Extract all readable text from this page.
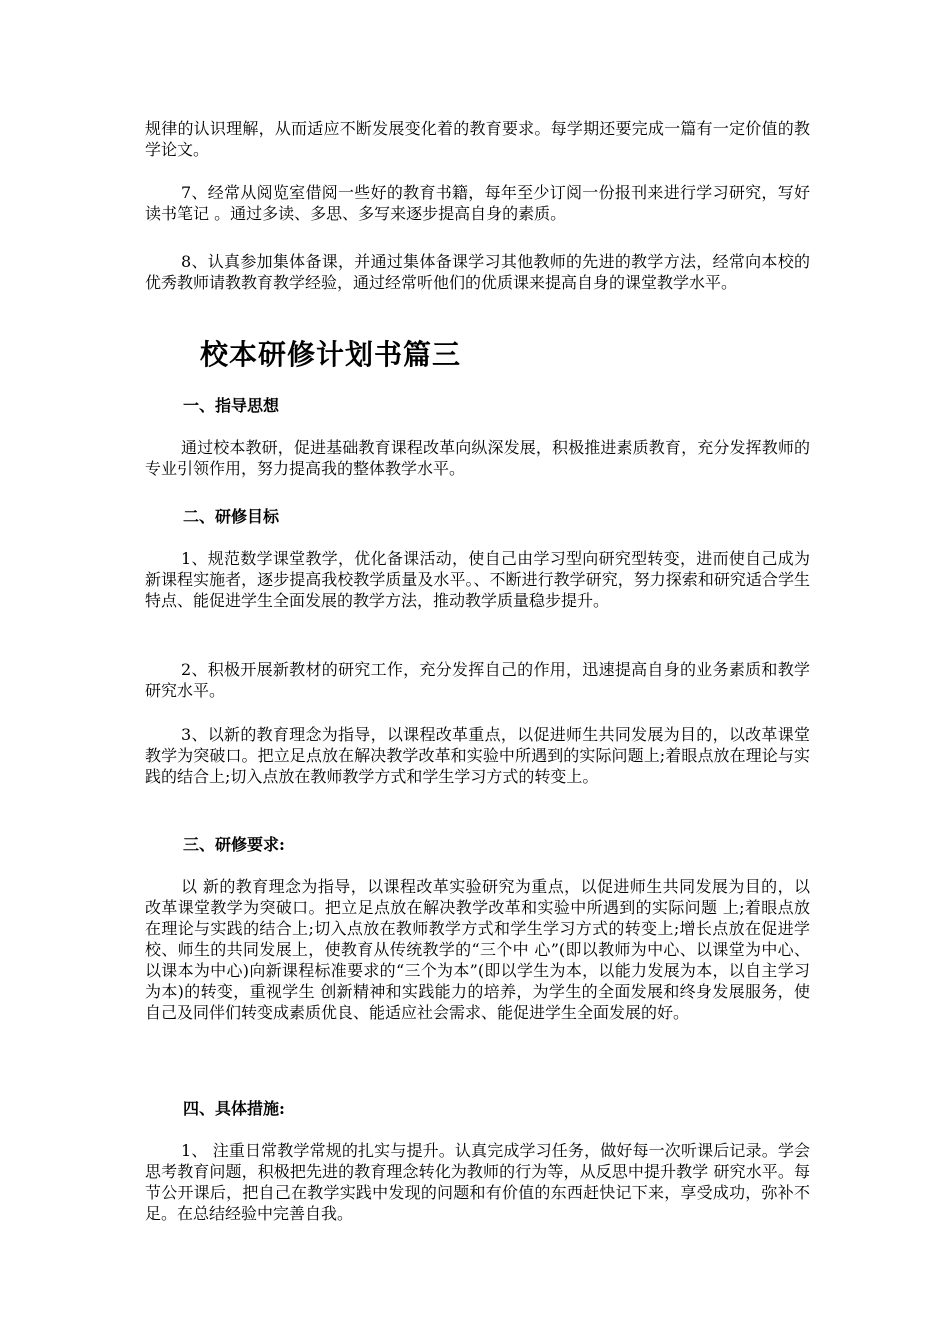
规律的认识理解，从而适应不断发展变化着的教育要求。每学期还要完成一篇有一定价值的教学论文。

7、经常从阅览室借阅一些好的教育书籍，每年至少订阅一份报刊来进行学习研究，写好 读书笔记 。通过多读、多思、多写来逐步提高自身的素质。

8、认真参加集体备课，并通过集体备课学习其他教师的先进的教学方法，经常向本校的优秀教师请教教育教学经验，通过经常听他们的优质课来提高自身的课堂教学水平。

校本研修计划书篇三
一、指导思想

通过校本教研，促进基础教育课程改革向纵深发展，积极推进素质教育，充分发挥教师的专业引领作用，努力提高我的整体教学水平。

二、研修目标

1、规范数学课堂教学，优化备课活动，使自己由学习型向研究型转变，进而使自己成为新课程实施者，逐步提高我校教学质量及水平。、不断进行教学研究，努力探索和研究适合学生特点、能促进学生全面发展的教学方法，推动教学质量稳步提升。

2、积极开展新教材的研究工作，充分发挥自己的作用，迅速提高自身的业务素质和教学研究水平。

3、以新的教育理念为指导，以课程改革重点，以促进师生共同发展为目的，以改革课堂教学为突破口。把立足点放在解决教学改革和实验中所遇到的实际问题上;着眼点放在理论与实践的结合上;切入点放在教师教学方式和学生学习方式的转变上。

三、研修要求:

以 新的教育理念为指导，以课程改革实验研究为重点，以促进师生共同发展为目的，以改革课堂教学为突破口。把立足点放在解决教学改革和实验中所遇到的实际问题 上;着眼点放在理论与实践的结合上;切入点放在教师教学方式和学生学习方式的转变上;增长点放在促进学校、师生的共同发展上，使教育从传统教学的“三个中 心”(即以教师为中心、以课堂为中心、以课本为中心)向新课程标准要求的“三个为本”(即以学生为本，以能力发展为本，以自主学习为本)的转变，重视学生 创新精神和实践能力的培养，为学生的全面发展和终身发展服务，使自己及同伴们转变成素质优良、能适应社会需求、能促进学生全面发展的好。

四、具体措施:

1、 注重日常教学常规的扎实与提升。认真完成学习任务，做好每一次听课后记录。学会思考教育问题，积极把先进的教育理念转化为教师的行为等，从反思中提升教学 研究水平。每节公开课后，把自己在教学实践中发现的问题和有价值的东西赶快记下来，享受成功，弥补不足。在总结经验中完善自我。
